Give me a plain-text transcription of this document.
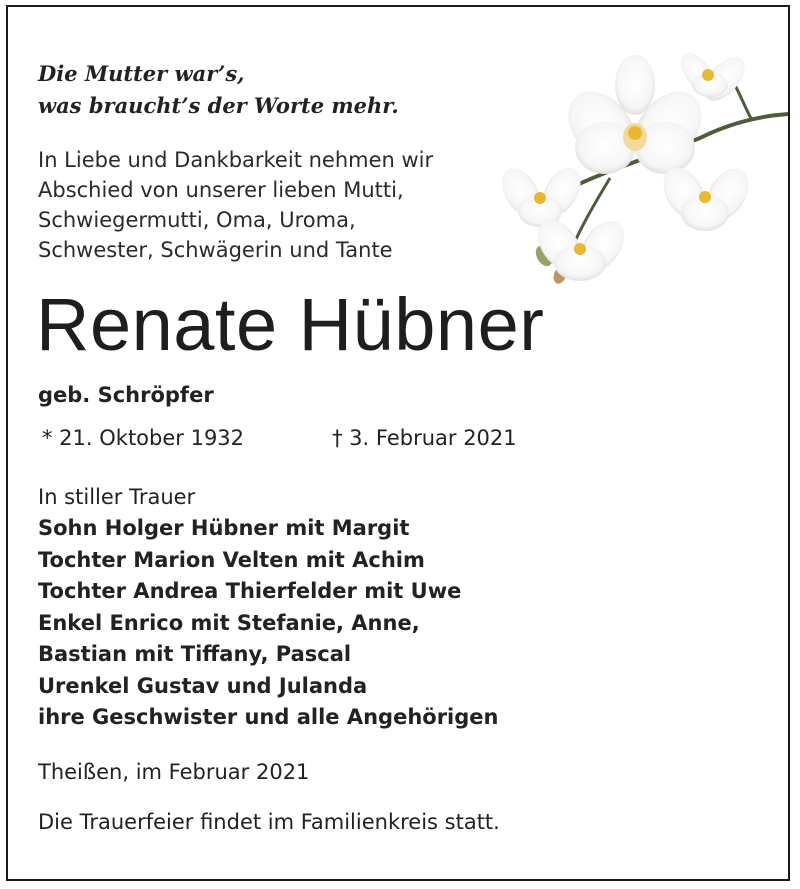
Die Mutter war’s,
was braucht’s der Worte mehr.
In Liebe und Dankbarkeit nehmen wir
Abschied von unserer lieben Mutti,
Schwiegermutti, Oma, Uroma,
Schwester, Schwägerin und Tante
Renate Hübner
geb. Schröpfer
* 21. Oktober 1932	† 3. Februar 2021
In stiller Trauer
Sohn Holger Hübner mit Margit
Tochter Marion Velten mit Achim
Tochter Andrea Thierfelder mit Uwe
Enkel Enrico mit Stefanie, Anne,
Bastian mit Tiffany, Pascal
Urenkel Gustav und Julanda
ihre Geschwister und alle Angehörigen
Theißen, im Februar 2021
Die Trauerfeier findet im Familienkreis statt.
